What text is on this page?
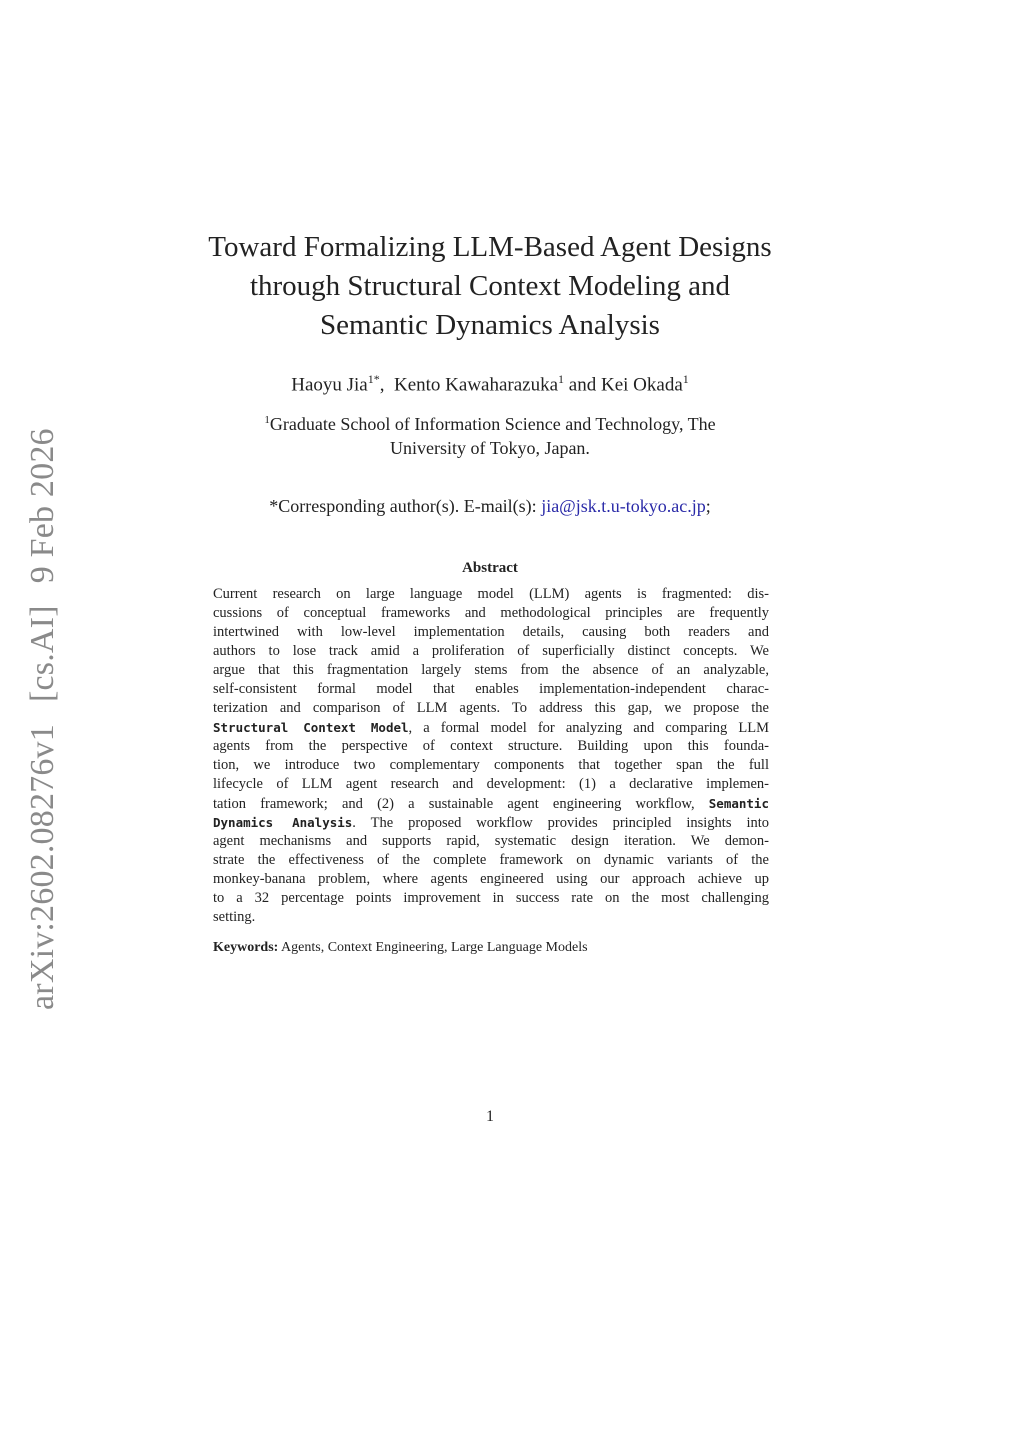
arXiv:2602.08276v1[cs.AI]9 Feb 2026
Toward Formalizing LLM-Based Agent Designs
through Structural Context Modeling and
Semantic Dynamics Analysis
Haoyu Jia$^{1*}$,  Kento Kawaharazuka$^1$ and Kei Okada$^1$
$^1$Graduate School of Information Science and Technology, The
University of Tokyo, Japan.
*Corresponding author(s). E-mail(s): jia@jsk.t.u-tokyo.ac.jp;
Abstract
Current research on large language model (LLM) agents is fragmented: dis-
cussions of conceptual frameworks and methodological principles are frequently
intertwined with low-level implementation details, causing both readers and
authors to lose track amid a proliferation of superficially distinct concepts. We
argue that this fragmentation largely stems from the absence of an analyzable,
self-consistent formal model that enables implementation-independent charac-
terization and comparison of LLM agents. To address this gap, we propose the
Structural Context Model, a formal model for analyzing and comparing LLM
agents from the perspective of context structure. Building upon this founda-
tion, we introduce two complementary components that together span the full
lifecycle of LLM agent research and development: (1) a declarative implemen-
tation framework; and (2) a sustainable agent engineering workflow, Semantic
Dynamics Analysis. The proposed workflow provides principled insights into
agent mechanisms and supports rapid, systematic design iteration. We demon-
strate the effectiveness of the complete framework on dynamic variants of the
monkey-banana problem, where agents engineered using our approach achieve up
to a 32 percentage points improvement in success rate on the most challenging
setting.
Keywords: Agents, Context Engineering, Large Language Models
1
